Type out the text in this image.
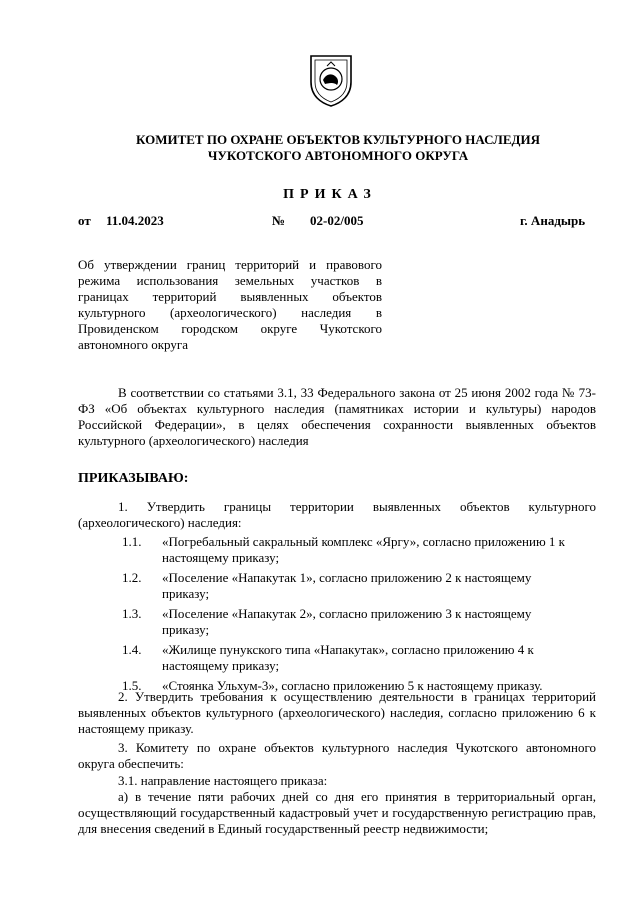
КОМИТЕТ ПО ОХРАНЕ ОБЪЕКТОВ КУЛЬТУРНОГО НАСЛЕДИЯ
ЧУКОТСКОГО АВТОНОМНОГО ОКРУГА
ПРИКАЗ
от 11.04.2023	№ 02-02/005	г. Анадырь
Об утверждении границ территорий и правового режима использования земельных участков в границах территорий выявленных объектов культурного (археологического) наследия в Провиденском городском округе Чукотского автономного округа
В соответствии со статьями 3.1, 33 Федерального закона от 25 июня 2002 года № 73-ФЗ «Об объектах культурного наследия (памятниках истории и культуры) народов Российской Федерации», в целях обеспечения сохранности выявленных объектов культурного (археологического) наследия
ПРИКАЗЫВАЮ:
1. Утвердить границы территории выявленных объектов культурного (археологического) наследия:
1.1.	«Погребальный сакральный комплекс «Яргу», согласно приложению 1 к настоящему приказу;
1.2.	«Поселение «Напакутак 1», согласно приложению 2 к настоящему приказу;
1.3.	«Поселение «Напакутак 2», согласно приложению 3 к настоящему приказу;
1.4.	«Жилище пунукского типа «Напакутак», согласно приложению 4 к настоящему приказу;
1.5.	«Стоянка Ульхум-3», согласно приложению 5 к настоящему приказу.
2. Утвердить требования к осуществлению деятельности в границах территорий выявленных объектов культурного (археологического) наследия, согласно приложению 6 к настоящему приказу.
3. Комитету по охране объектов культурного наследия Чукотского автономного округа обеспечить:
3.1. направление настоящего приказа:
а) в течение пяти рабочих дней со дня его принятия в территориальный орган, осуществляющий государственный кадастровый учет и государственную регистрацию прав, для внесения сведений в Единый государственный реестр недвижимости;
